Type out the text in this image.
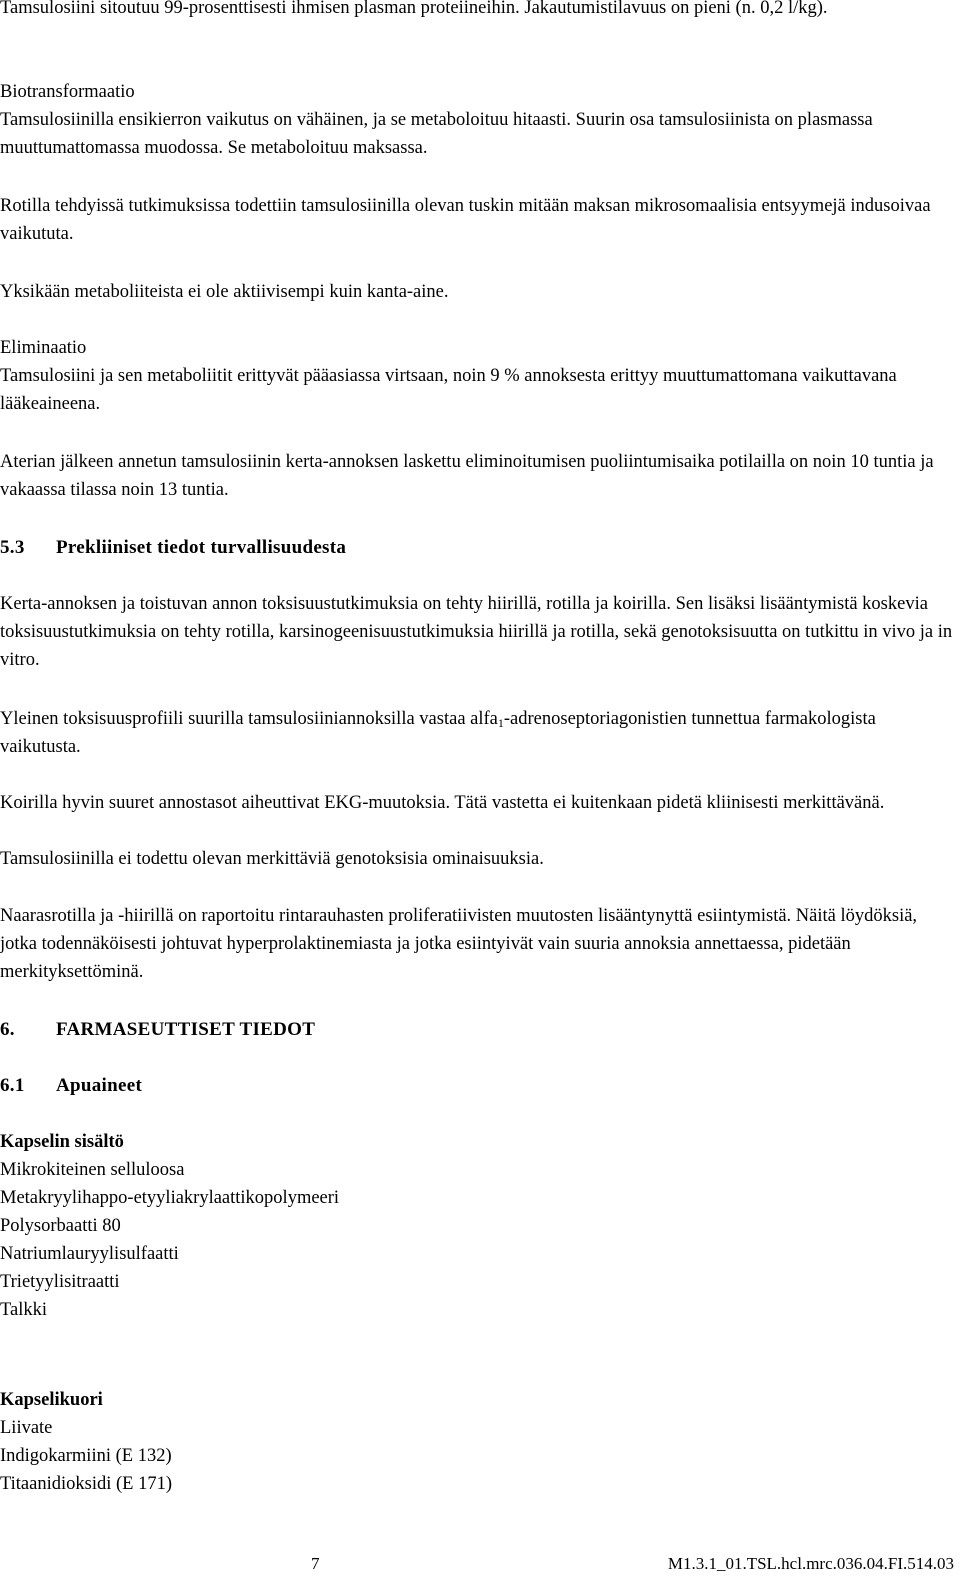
Tamsulosiini sitoutuu 99-prosenttisesti ihmisen plasman proteiineihin. Jakautumistilavuus on pieni (n. 0,2 l/kg).

Biotransformaatio

Tamsulosiinilla ensikierron vaikutus on vähäinen, ja se metaboloituu hitaasti. Suurin osa tamsulosiinista on plasmassa muuttumattomassa muodossa. Se metaboloituu maksassa.

Rotilla tehdyissä tutkimuksissa todettiin tamsulosiinilla olevan tuskin mitään maksan mikrosomaalisia entsyymejä indusoivaa vaikututa.

Yksikään metaboliiteista ei ole aktiivisempi kuin kanta-aine.

Eliminaatio

Tamsulosiini ja sen metaboliitit erittyvät pääasiassa virtsaan, noin 9 % annoksesta erittyy muuttumattomana vaikuttavana lääkeaineena.

Aterian jälkeen annetun tamsulosiinin kerta-annoksen laskettu eliminoitumisen puoliintumisaika potilailla on noin 10 tuntia ja vakaassa tilassa noin 13 tuntia.

5.3 Prekliiniset tiedot turvallisuudesta

Kerta-annoksen ja toistuvan annon toksisuustutkimuksia on tehty hiirillä, rotilla ja koirilla. Sen lisäksi lisääntymistä koskevia toksisuustutkimuksia on tehty rotilla, karsinogeenisuustutkimuksia hiirillä ja rotilla, sekä genotoksisuutta on tutkittu in vivo ja in vitro.

Yleinen toksisuusprofiili suurilla tamsulosiiniannoksilla vastaa alfa$_1$-adrenoseptoriagonistien tunnettua farmakologista vaikutusta.

Koirilla hyvin suuret annostasot aiheuttivat EKG-muutoksia. Tätä vastetta ei kuitenkaan pidetä kliinisesti merkittävänä.

Tamsulosiinilla ei todettu olevan merkittäviä genotoksisia ominaisuuksia.

Naarasrotilla ja -hiirillä on raportoitu rintarauhasten proliferatiivisten muutosten lisääntynyttä esiintymistä. Näitä löydöksiä, jotka todennäköisesti johtuvat hyperprolaktinemiasta ja jotka esiintyivät vain suuria annoksia annettaessa, pidetään merkityksettöminä.

6. FARMASEUTTISET TIEDOT

6.1 Apuaineet

Kapselin sisältö
Mikrokiteinen selluloosa
Metakryylihappo-etyyliakrylaattikopolymeeri
Polysorbaatti 80
Natriumlauryylisulfaatti
Trietyylisitraatti
Talkki
Kapselikuori
Liivate
Indigokarmiini (E 132)
Titaanidioksidi (E 171)
7	M1.3.1_01.TSL.hcl.mrc.036.04.FI.514.03
